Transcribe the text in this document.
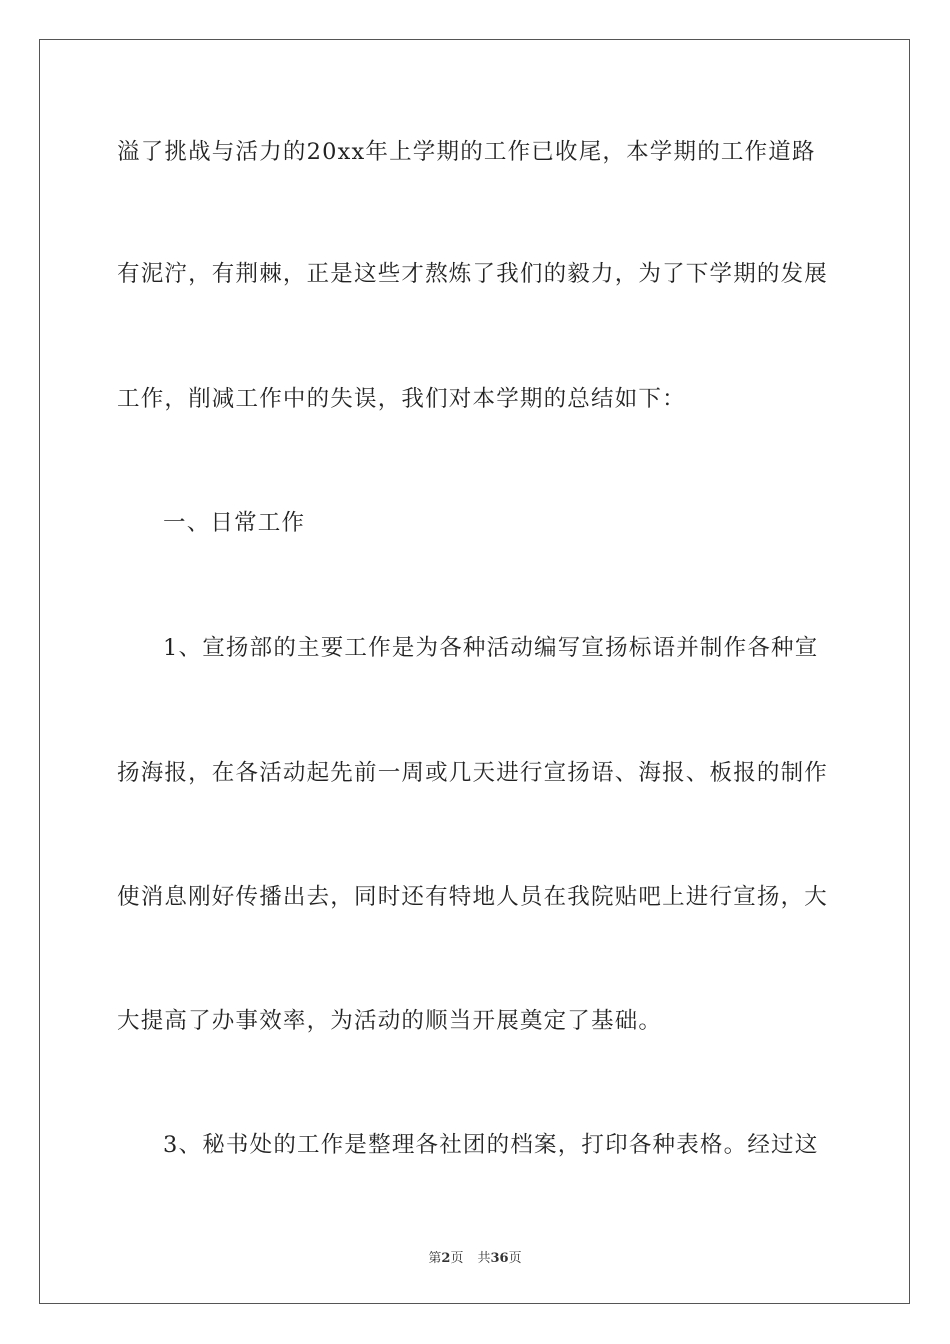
溢了挑战与活力的20xx年上学期的工作已收尾，本学期的工作道路
有泥泞，有荆棘，正是这些才熬炼了我们的毅力，为了下学期的发展
工作，削减工作中的失误，我们对本学期的总结如下：
一、日常工作
1、宣扬部的主要工作是为各种活动编写宣扬标语并制作各种宣
扬海报，在各活动起先前一周或几天进行宣扬语、海报、板报的制作
使消息刚好传播出去，同时还有特地人员在我院贴吧上进行宣扬，大
大提高了办事效率，为活动的顺当开展奠定了基础。
3、秘书处的工作是整理各社团的档案，打印各种表格。经过这
第2页 共36页
